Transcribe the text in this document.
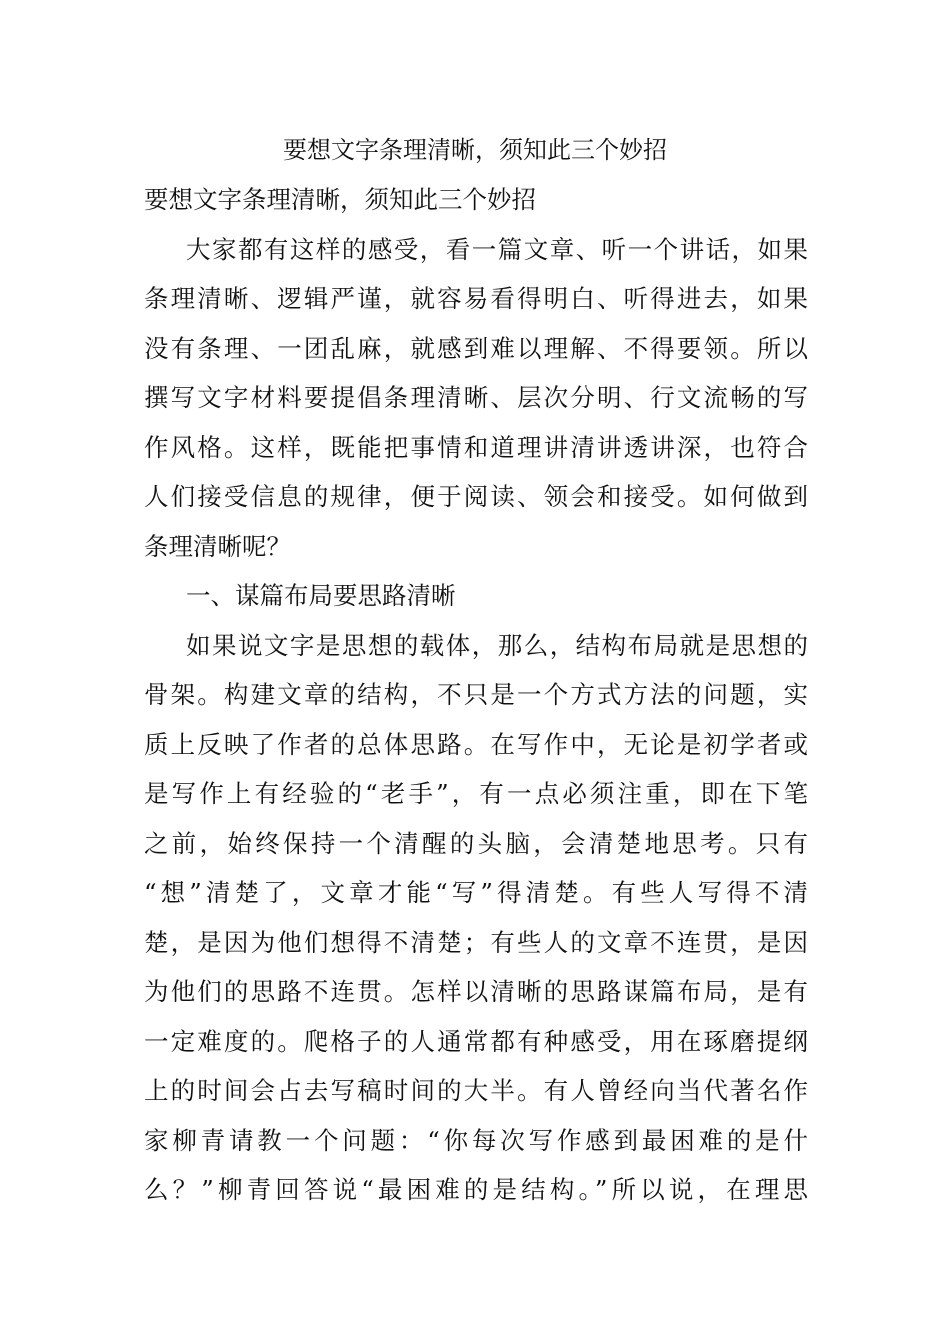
要想文字条理清晰，须知此三个妙招
要想文字条理清晰，须知此三个妙招
大家都有这样的感受，看一篇文章、听一个讲话，如果
条理清晰、逻辑严谨，就容易看得明白、听得进去，如果
没有条理、一团乱麻，就感到难以理解、不得要领。所以
撰写文字材料要提倡条理清晰、层次分明、行文流畅的写
作风格。这样，既能把事情和道理讲清讲透讲深，也符合
人们接受信息的规律，便于阅读、领会和接受。如何做到
条理清晰呢？
一、谋篇布局要思路清晰
如果说文字是思想的载体，那么，结构布局就是思想的
骨架。构建文章的结构，不只是一个方式方法的问题，实
质上反映了作者的总体思路。在写作中，无论是初学者或
是写作上有经验的“老手”，有一点必须注重，即在下笔
之前，始终保持一个清醒的头脑，会清楚地思考。只有
“想”清楚了，文章才能“写”得清楚。有些人写得不清
楚，是因为他们想得不清楚；有些人的文章不连贯，是因
为他们的思路不连贯。怎样以清晰的思路谋篇布局，是有
一定难度的。爬格子的人通常都有种感受，用在琢磨提纲
上的时间会占去写稿时间的大半。有人曾经向当代著名作
家柳青请教一个问题：“你每次写作感到最困难的是什
么？”柳青回答说“最困难的是结构。”所以说，在理思
